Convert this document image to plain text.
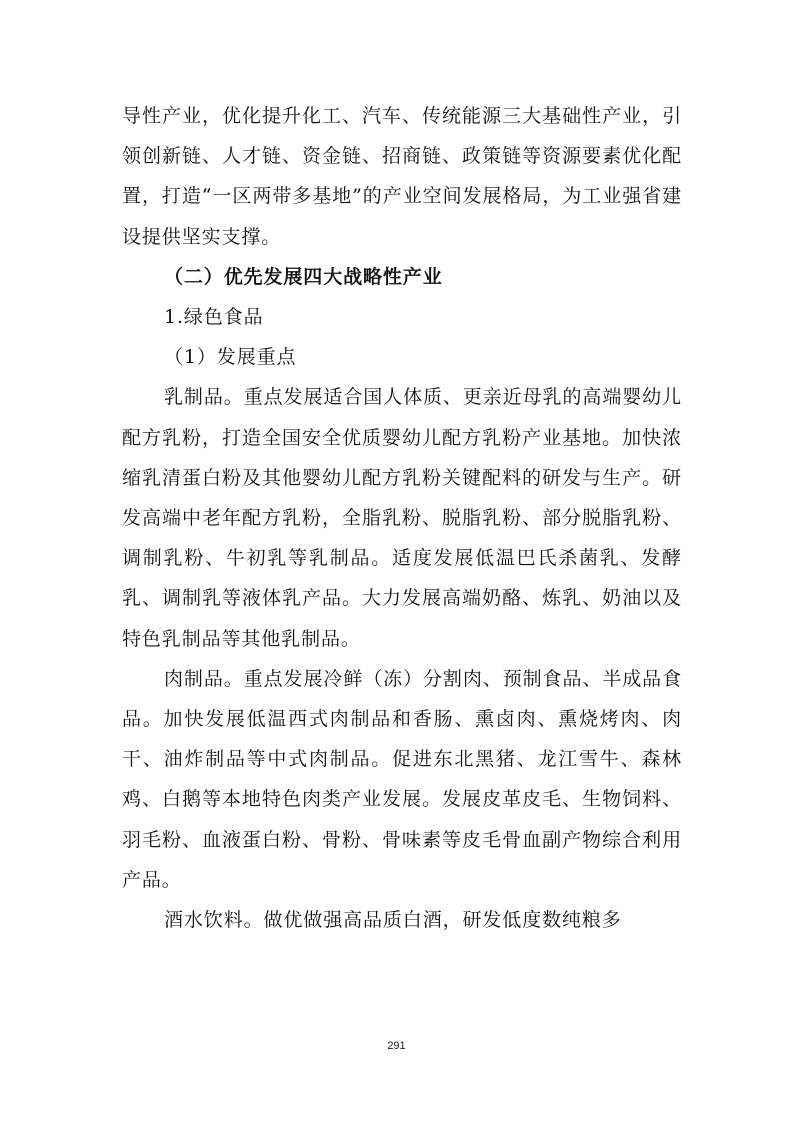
导性产业，优化提升化工、汽车、传统能源三大基础性产业，引领创新链、人才链、资金链、招商链、政策链等资源要素优化配置，打造“一区两带多基地”的产业空间发展格局，为工业强省建设提供坚实支撑。

（二）优先发展四大战略性产业

1.绿色食品

（1）发展重点

乳制品。重点发展适合国人体质、更亲近母乳的高端婴幼儿配方乳粉，打造全国安全优质婴幼儿配方乳粉产业基地。加快浓缩乳清蛋白粉及其他婴幼儿配方乳粉关键配料的研发与生产。研发高端中老年配方乳粉，全脂乳粉、脱脂乳粉、部分脱脂乳粉、调制乳粉、牛初乳等乳制品。适度发展低温巴氏杀菌乳、发酵乳、调制乳等液体乳产品。大力发展高端奶酪、炼乳、奶油以及特色乳制品等其他乳制品。

肉制品。重点发展冷鲜（冻）分割肉、预制食品、半成品食品。加快发展低温西式肉制品和香肠、熏卤肉、熏烧烤肉、肉干、油炸制品等中式肉制品。促进东北黑猪、龙江雪牛、森林鸡、白鹅等本地特色肉类产业发展。发展皮革皮毛、生物饲料、羽毛粉、血液蛋白粉、骨粉、骨味素等皮毛骨血副产物综合利用产品。

酒水饮料。做优做强高品质白酒，研发低度数纯粮多

291
